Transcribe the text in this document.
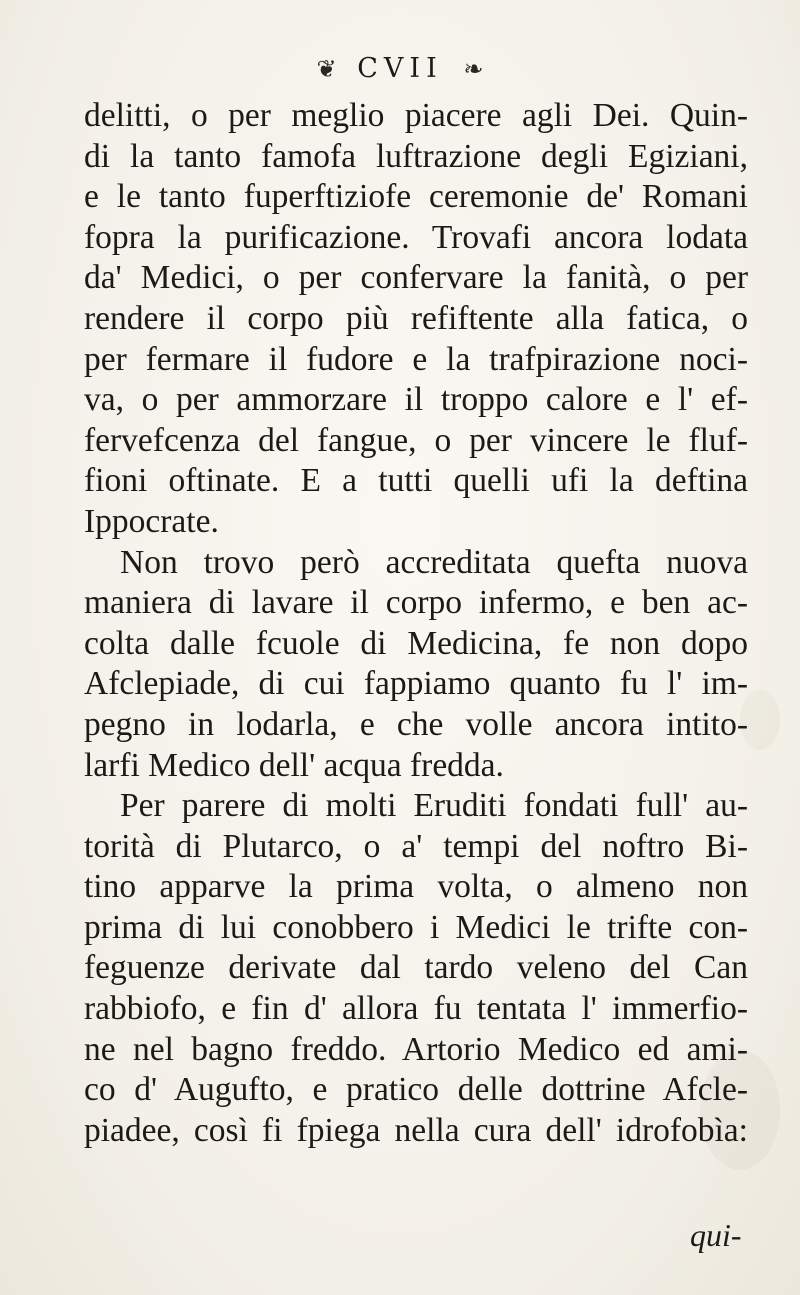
❦ CVII ❧
delitti, o per meglio piacere agli Dei. Quin-
di la tanto famofa luftrazione degli Egiziani,
e le tanto fuperftiziofe ceremonie de' Romani
fopra la purificazione. Trovafi ancora lodata
da' Medici, o per confervare la fanità, o per
rendere il corpo più refiftente alla fatica, o
per fermare il fudore e la trafpirazione noci-
va, o per ammorzare il troppo calore e l' ef-
fervefcenza del fangue, o per vincere le fluf-
fioni oftinate. E a tutti quelli ufi la deftina
Ippocrate.
Non trovo però accreditata quefta nuova
maniera di lavare il corpo infermo, e ben ac-
colta dalle fcuole di Medicina, fe non dopo
Afclepiade, di cui fappiamo quanto fu l' im-
pegno in lodarla, e che volle ancora intito-
larfi Medico dell' acqua fredda.
Per parere di molti Eruditi fondati full' au-
torità di Plutarco, o a' tempi del noftro Bi-
tino apparve la prima volta, o almeno non
prima di lui conobbero i Medici le trifte con-
feguenze derivate dal tardo veleno del Can
rabbiofo, e fin d' allora fu tentata l' immerfio-
ne nel bagno freddo. Artorio Medico ed ami-
co d' Augufto, e pratico delle dottrine Afcle-
piadee, così fi fpiega nella cura dell' idrofobìa:
qui-
